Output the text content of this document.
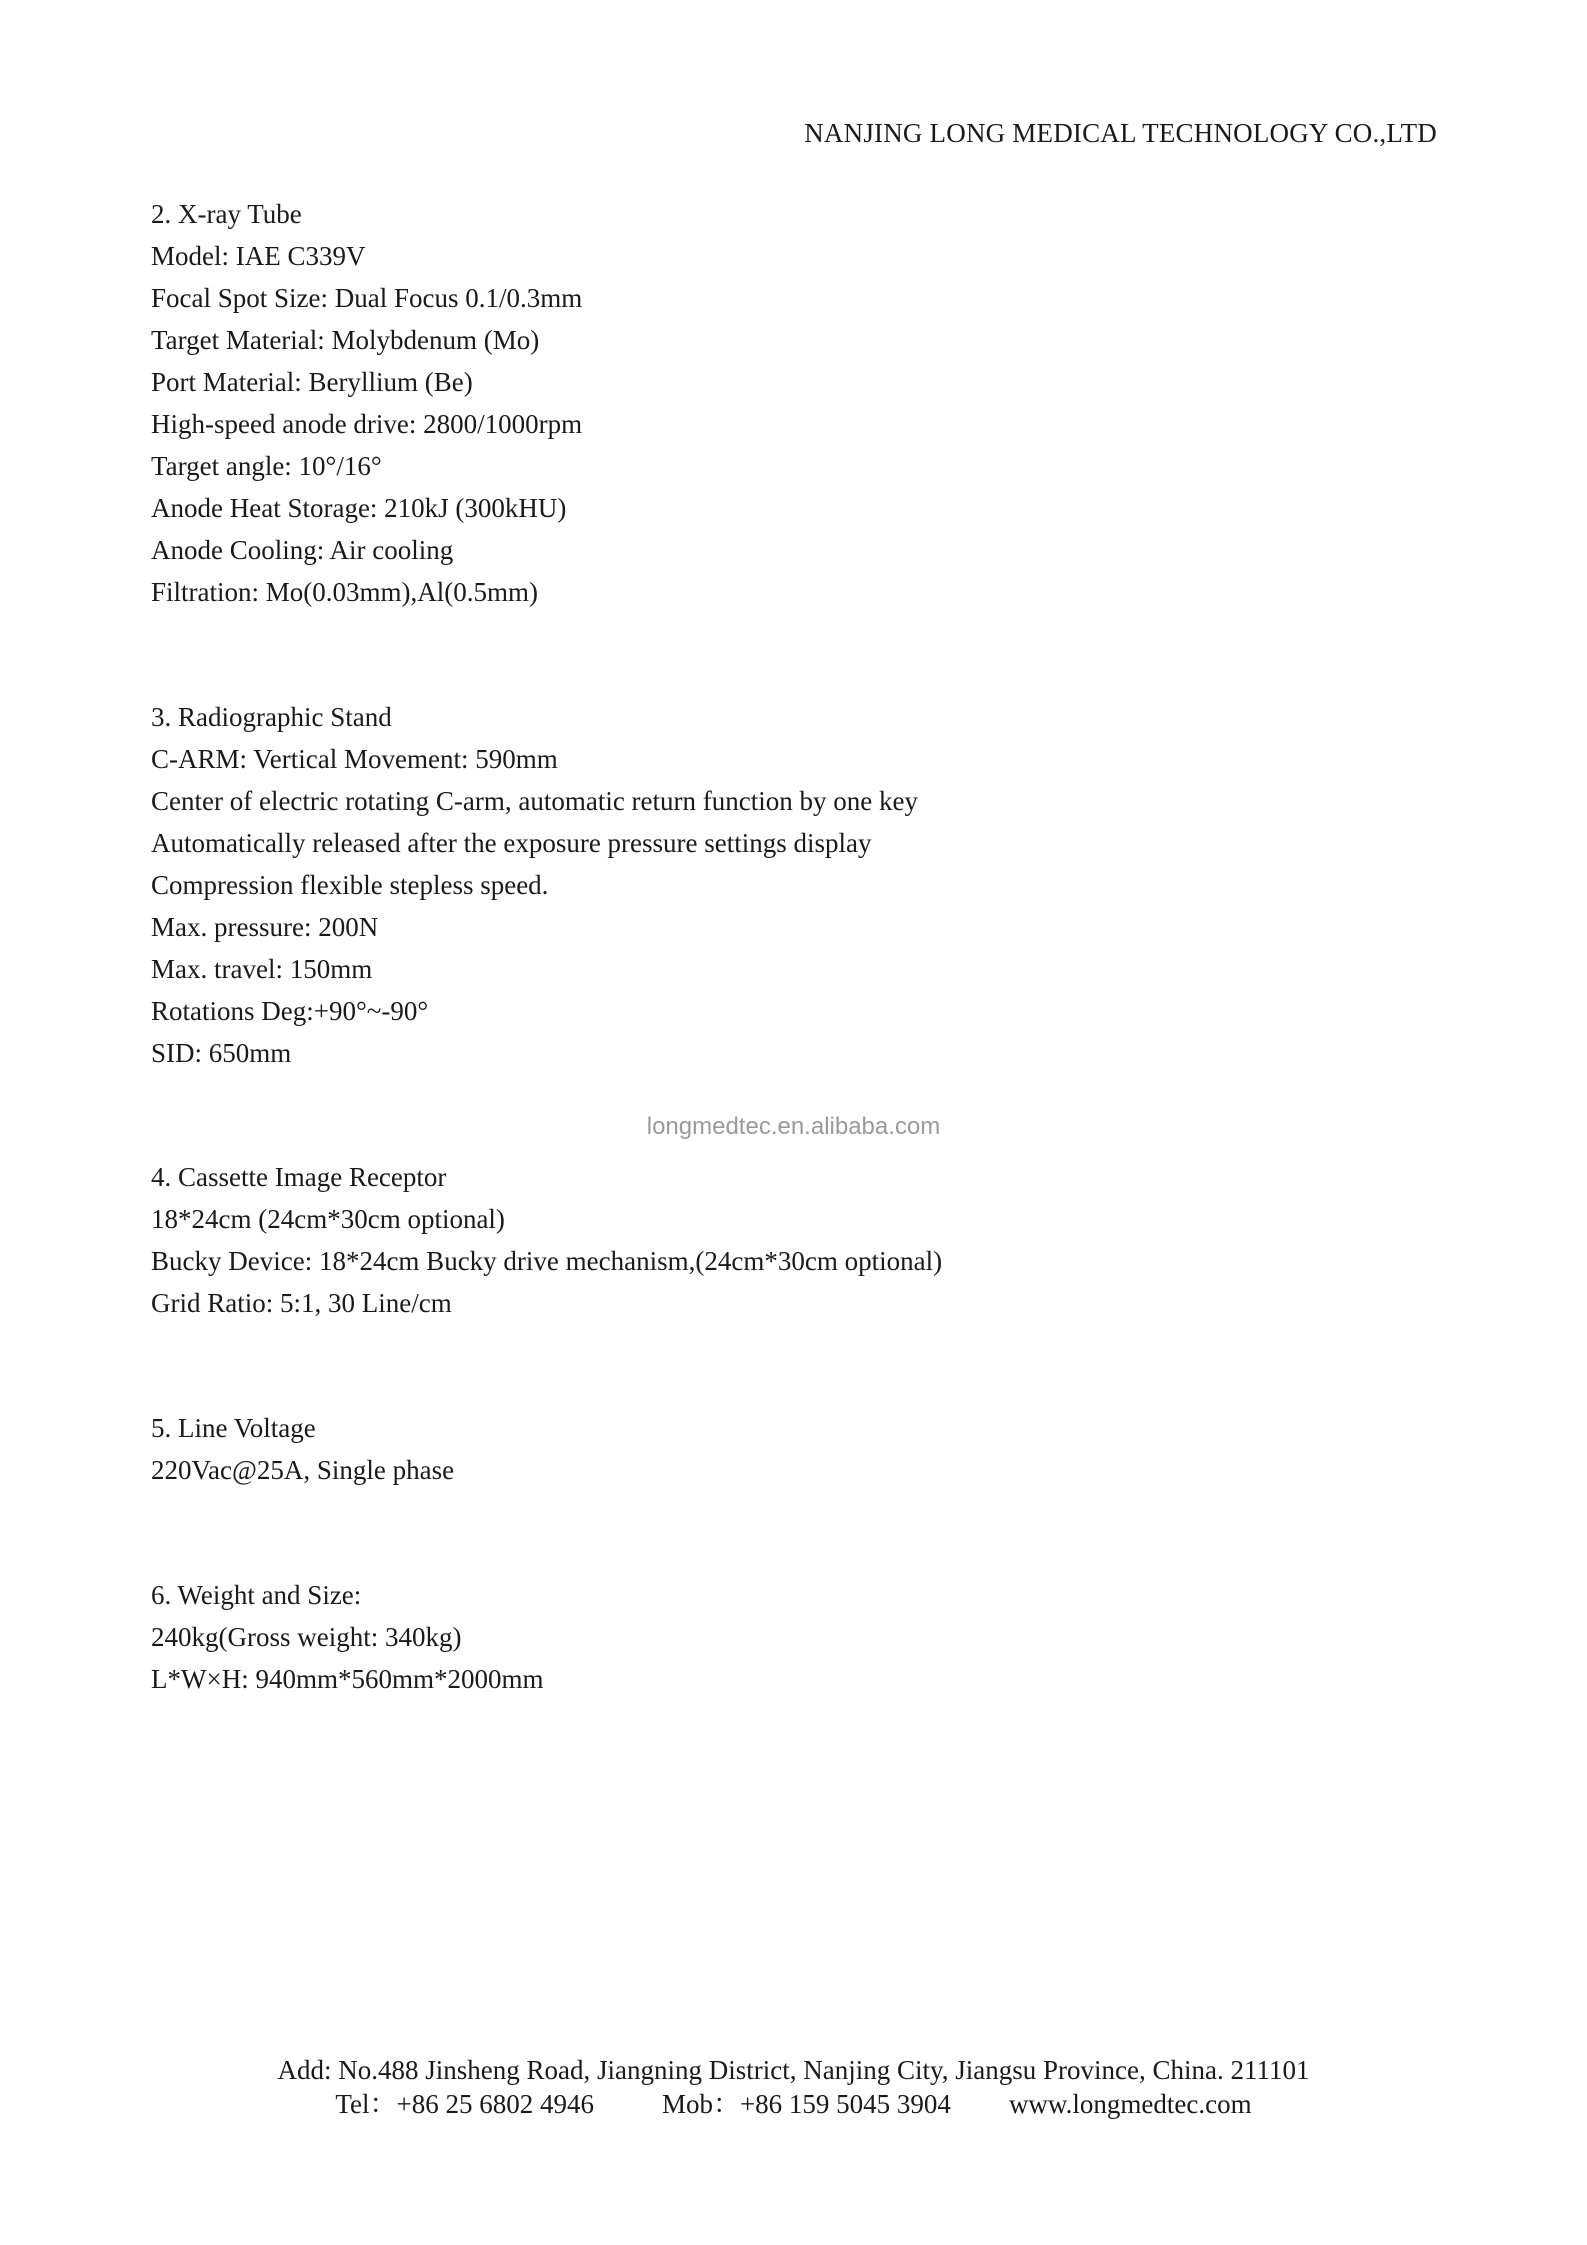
NANJING LONG MEDICAL TECHNOLOGY CO.,LTD
2. X-ray Tube
Model: IAE C339V
Focal Spot Size: Dual Focus 0.1/0.3mm
Target Material: Molybdenum (Mo)
Port Material: Beryllium (Be)
High-speed anode drive: 2800/1000rpm
Target angle: 10°/16°
Anode Heat Storage: 210kJ (300kHU)
Anode Cooling: Air cooling
Filtration: Mo(0.03mm),Al(0.5mm)
3. Radiographic Stand
C-ARM: Vertical Movement: 590mm
Center of electric rotating C-arm, automatic return function by one key
Automatically released after the exposure pressure settings display
Compression flexible stepless speed.
Max. pressure: 200N
Max. travel: 150mm
Rotations Deg:+90°~-90°
SID: 650mm
longmedtec.en.alibaba.com
4. Cassette Image Receptor
18*24cm (24cm*30cm optional)
Bucky Device: 18*24cm Bucky drive mechanism,(24cm*30cm optional)
Grid Ratio: 5:1, 30 Line/cm
5. Line Voltage
220Vac@25A, Single phase
6. Weight and Size:
240kg(Gross weight: 340kg)
L*W×H: 940mm*560mm*2000mm
Add: No.488 Jinsheng Road, Jiangning District, Nanjing City, Jiangsu Province, China. 211101
Tel：+86 25 6802 4946	Mob：+86 159 5045 3904 www.longmedtec.com
